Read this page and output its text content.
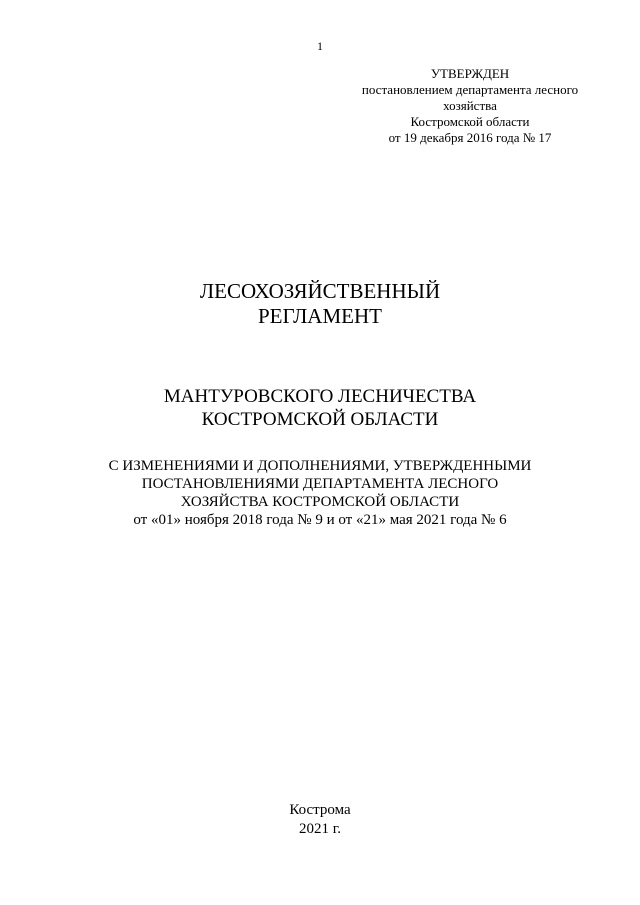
1
УТВЕРЖДЕН
постановлением департамента лесного
хозяйства
Костромской области
от 19 декабря 2016 года № 17
ЛЕСОХОЗЯЙСТВЕННЫЙ
РЕГЛАМЕНТ
МАНТУРОВСКОГО ЛЕСНИЧЕСТВА
КОСТРОМСКОЙ ОБЛАСТИ
С ИЗМЕНЕНИЯМИ И ДОПОЛНЕНИЯМИ, УТВЕРЖДЕННЫМИ
ПОСТАНОВЛЕНИЯМИ ДЕПАРТАМЕНТА ЛЕСНОГО
ХОЗЯЙСТВА КОСТРОМСКОЙ ОБЛАСТИ
от «01» ноября 2018 года № 9 и от «21» мая 2021 года № 6
Кострома
2021 г.
